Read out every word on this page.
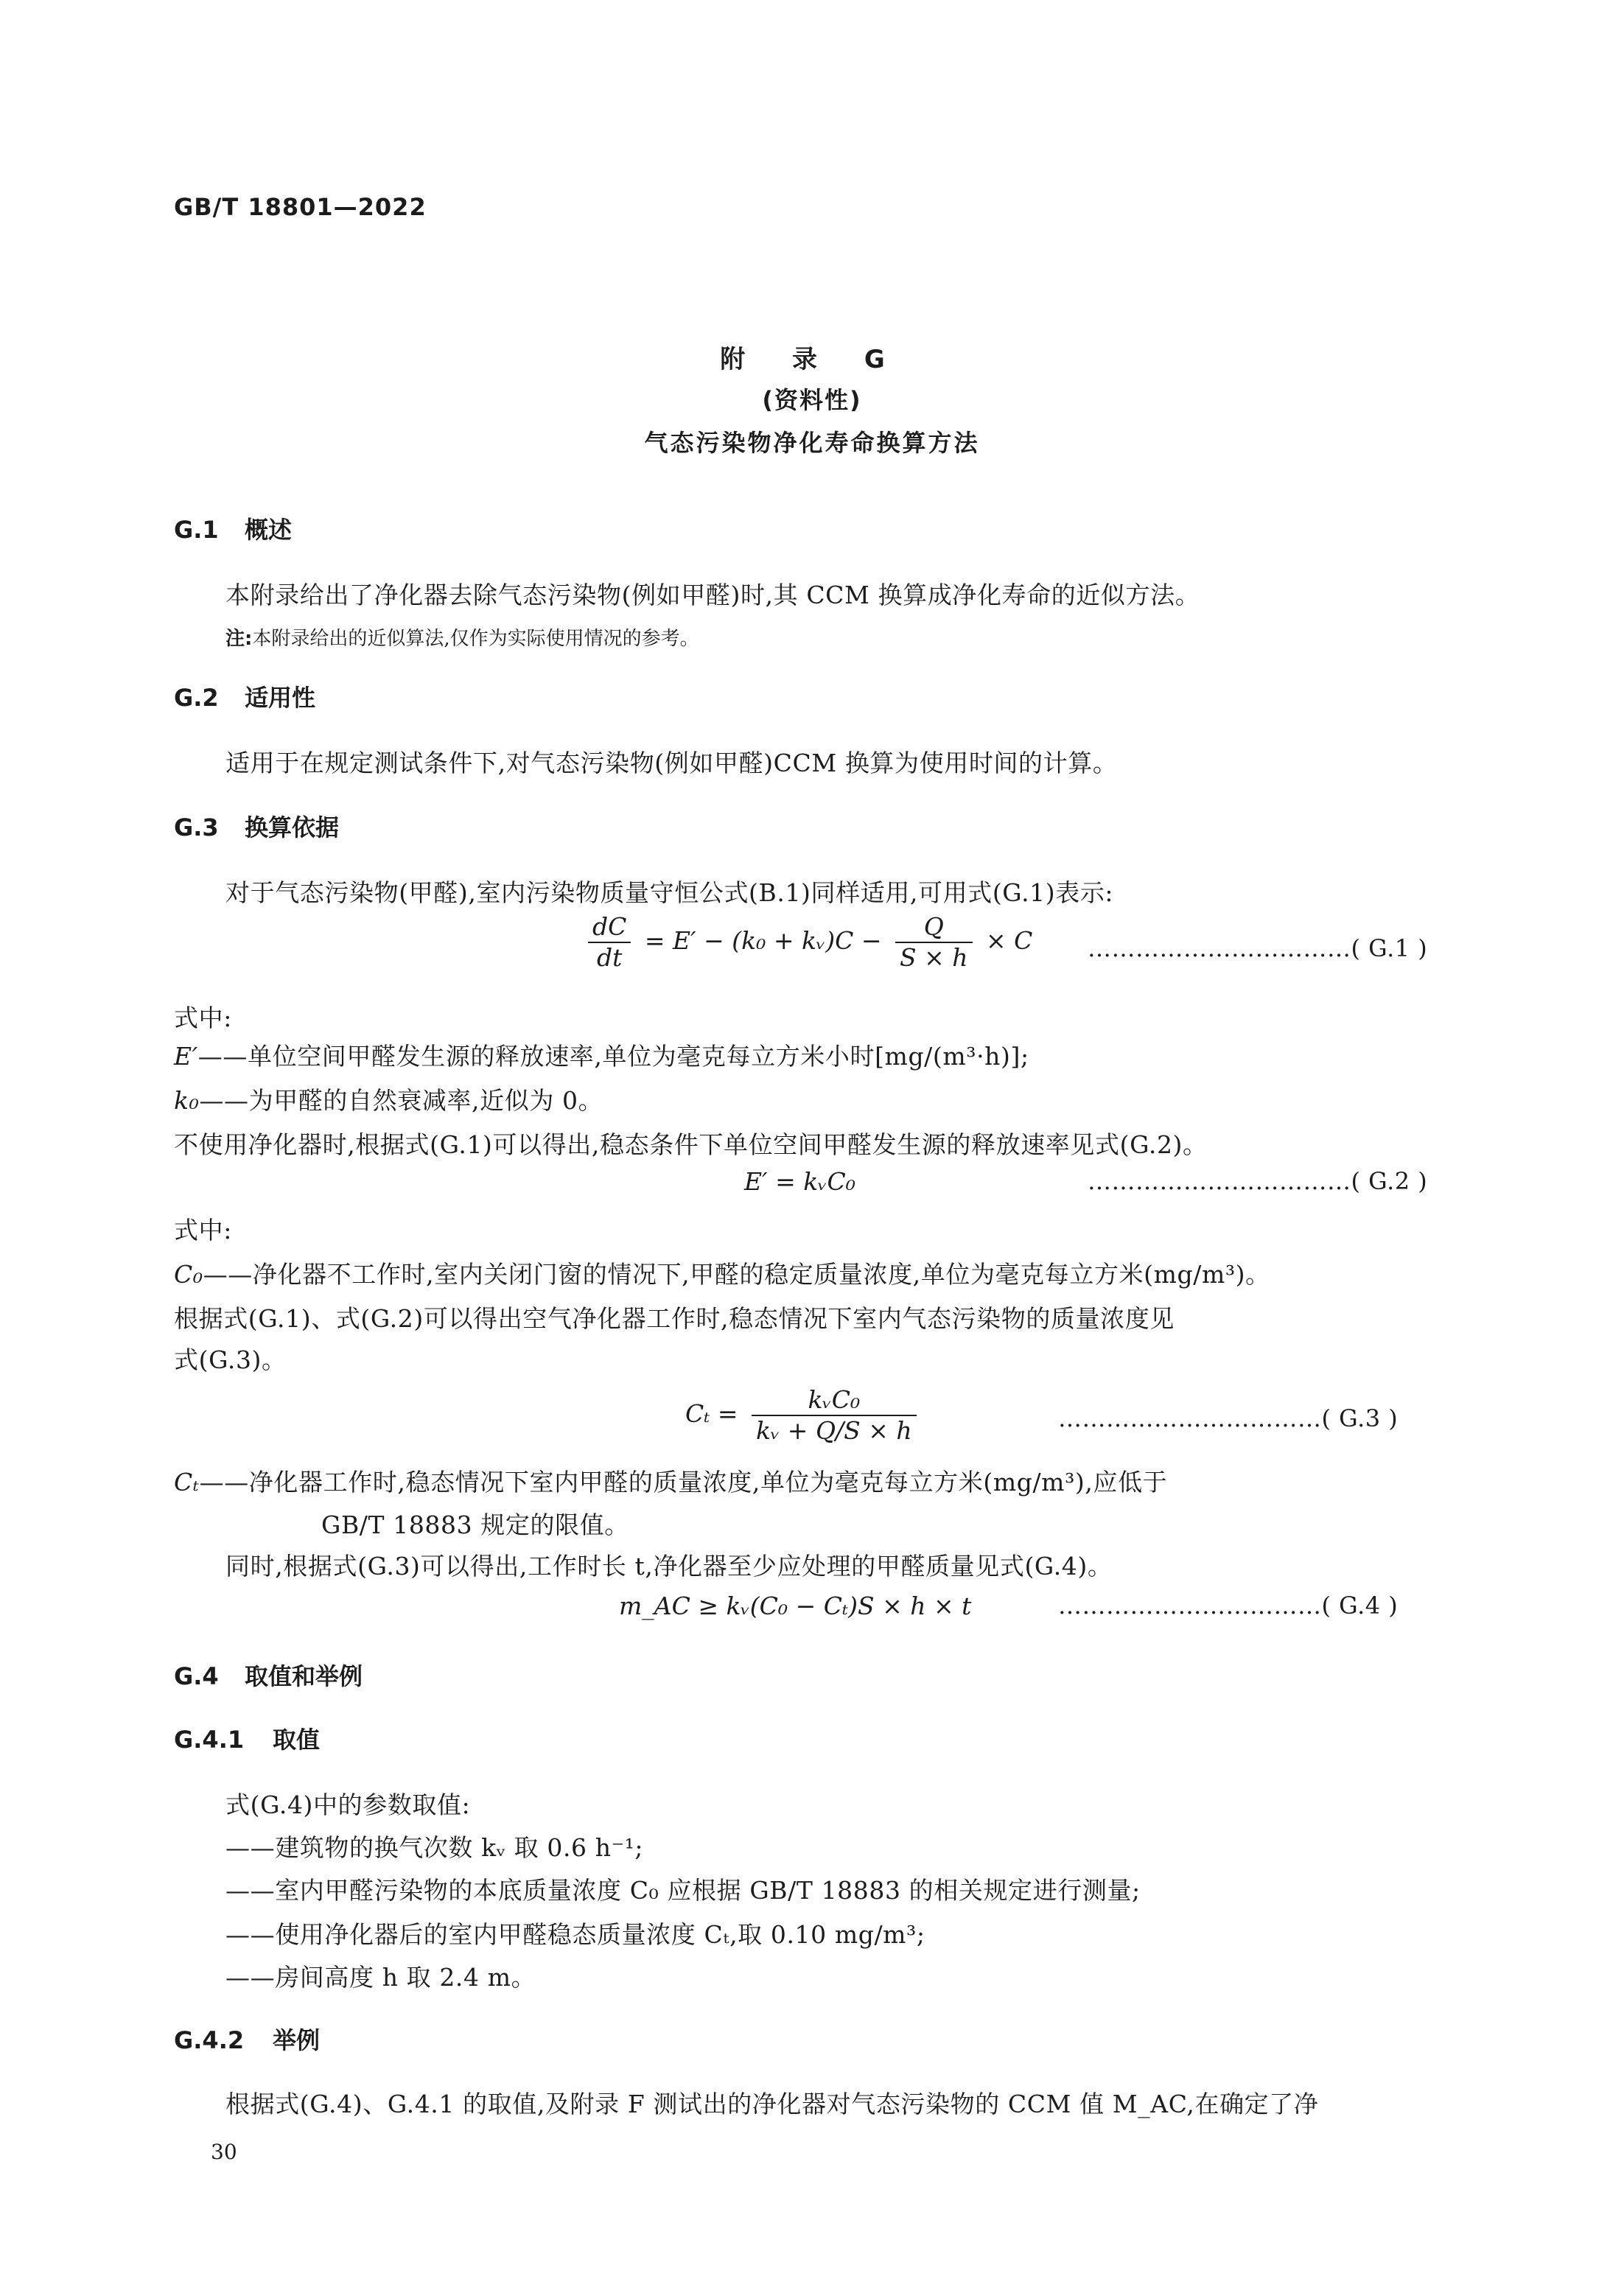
GB/T 18801—2022
附 录 G
(资料性)
气态污染物净化寿命换算方法
G.1 概述
本附录给出了净化器去除气态污染物(例如甲醛)时,其 CCM 换算成净化寿命的近似方法。
注:本附录给出的近似算法,仅作为实际使用情况的参考。
G.2 适用性
适用于在规定测试条件下,对气态污染物(例如甲醛)CCM 换算为使用时间的计算。
G.3 换算依据
对于气态污染物(甲醛),室内污染物质量守恒公式(B.1)同样适用,可用式(G.1)表示:
$\frac{dC}{dt} = E' - (k_0$ + kᵥ)C − $\frac{Q}{S \times h} \times C$ ……………………………( G.1 )
式中:
E′——单位空间甲醛发生源的释放速率,单位为毫克每立方米小时[mg/(m³·h)];
k₀——为甲醛的自然衰减率,近似为 0。
不使用净化器时,根据式(G.1)可以得出,稳态条件下单位空间甲醛发生源的释放速率见式(G.2)。
E′ = kᵥC₀	……………………………( G.2 )
式中:
C₀——净化器不工作时,室内关闭门窗的情况下,甲醛的稳定质量浓度,单位为毫克每立方米(mg/m³)。
根据式(G.1)、式(G.2)可以得出空气净化器工作时,稳态情况下室内气态污染物的质量浓度见
式(G.3)。
$C_t = \frac{\text{kᵥC₀}}{\text{kᵥ + Q/S × h}}$	……………………………( G.3 )
Cₜ——净化器工作时,稳态情况下室内甲醛的质量浓度,单位为毫克每立方米(mg/m³),应低于
GB/T 18883 规定的限值。
同时,根据式(G.3)可以得出,工作时长 t,净化器至少应处理的甲醛质量见式(G.4)。
m_AC ≥ kᵥ(C₀ − Cₜ)S × h × t	……………………………( G.4 )
G.4 取值和举例
G.4.1 取值
式(G.4)中的参数取值:
——建筑物的换气次数 kᵥ 取 0.6 h⁻¹;
——室内甲醛污染物的本底质量浓度 C₀ 应根据 GB/T 18883 的相关规定进行测量;
——使用净化器后的室内甲醛稳态质量浓度 Cₜ,取 0.10 mg/m³;
——房间高度 h 取 2.4 m。
G.4.2 举例
根据式(G.4)、G.4.1 的取值,及附录 F 测试出的净化器对气态污染物的 CCM 值 M_AC,在确定了净
30
